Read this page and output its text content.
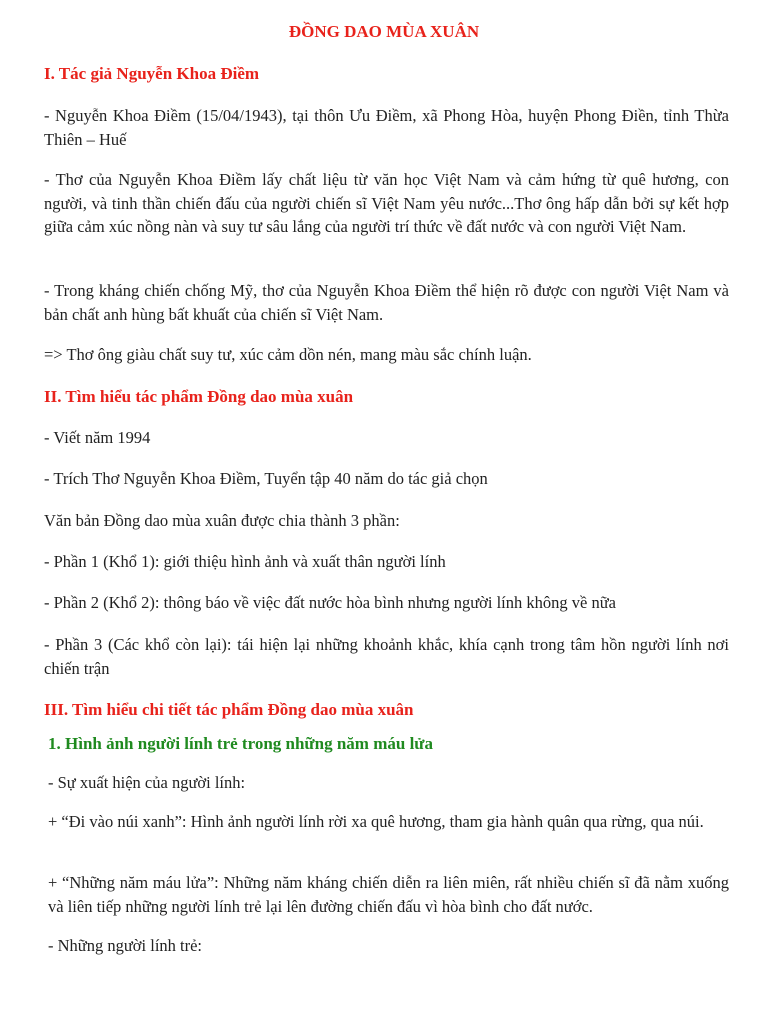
ĐỒNG DAO MÙA XUÂN
I. Tác giả Nguyễn Khoa Điềm
- Nguyễn Khoa Điềm (15/04/1943), tại thôn Ưu Điềm, xã Phong Hòa, huyện Phong Điền, tỉnh Thừa Thiên – Huế
- Thơ của Nguyễn Khoa Điềm lấy chất liệu từ văn học Việt Nam và cảm hứng từ quê hương, con người, và tinh thần chiến đấu của người chiến sĩ Việt Nam yêu nước...Thơ ông hấp dẫn bởi sự kết hợp giữa cảm xúc nồng nàn và suy tư sâu lắng của người trí thức về đất nước và con người Việt Nam.
- Trong kháng chiến chống Mỹ, thơ của Nguyễn Khoa Điềm thể hiện rõ được con người Việt Nam và bản chất anh hùng bất khuất của chiến sĩ Việt Nam.
=> Thơ ông giàu chất suy tư, xúc cảm dồn nén, mang màu sắc chính luận.
II. Tìm hiểu tác phẩm Đồng dao mùa xuân
- Viết năm 1994
- Trích Thơ Nguyễn Khoa Điềm, Tuyển tập 40 năm do tác giả chọn
Văn bản Đồng dao mùa xuân được chia thành 3 phần:
- Phần 1 (Khổ 1): giới thiệu hình ảnh và xuất thân người lính
- Phần 2 (Khổ 2): thông báo về việc đất nước hòa bình nhưng người lính không về nữa
- Phần 3 (Các khổ còn lại): tái hiện lại những khoảnh khắc, khía cạnh trong tâm hồn người lính nơi chiến trận
III. Tìm hiểu chi tiết tác phẩm Đồng dao mùa xuân
1. Hình ảnh người lính trẻ trong những năm máu lửa
- Sự xuất hiện của người lính:
+ “Đi vào núi xanh”: Hình ảnh người lính rời xa quê hương, tham gia hành quân qua rừng, qua núi.
+ “Những năm máu lửa”: Những năm kháng chiến diễn ra liên miên, rất nhiều chiến sĩ đã nằm xuống và liên tiếp những người lính trẻ lại lên đường chiến đấu vì hòa bình cho đất nước.
- Những người lính trẻ:
